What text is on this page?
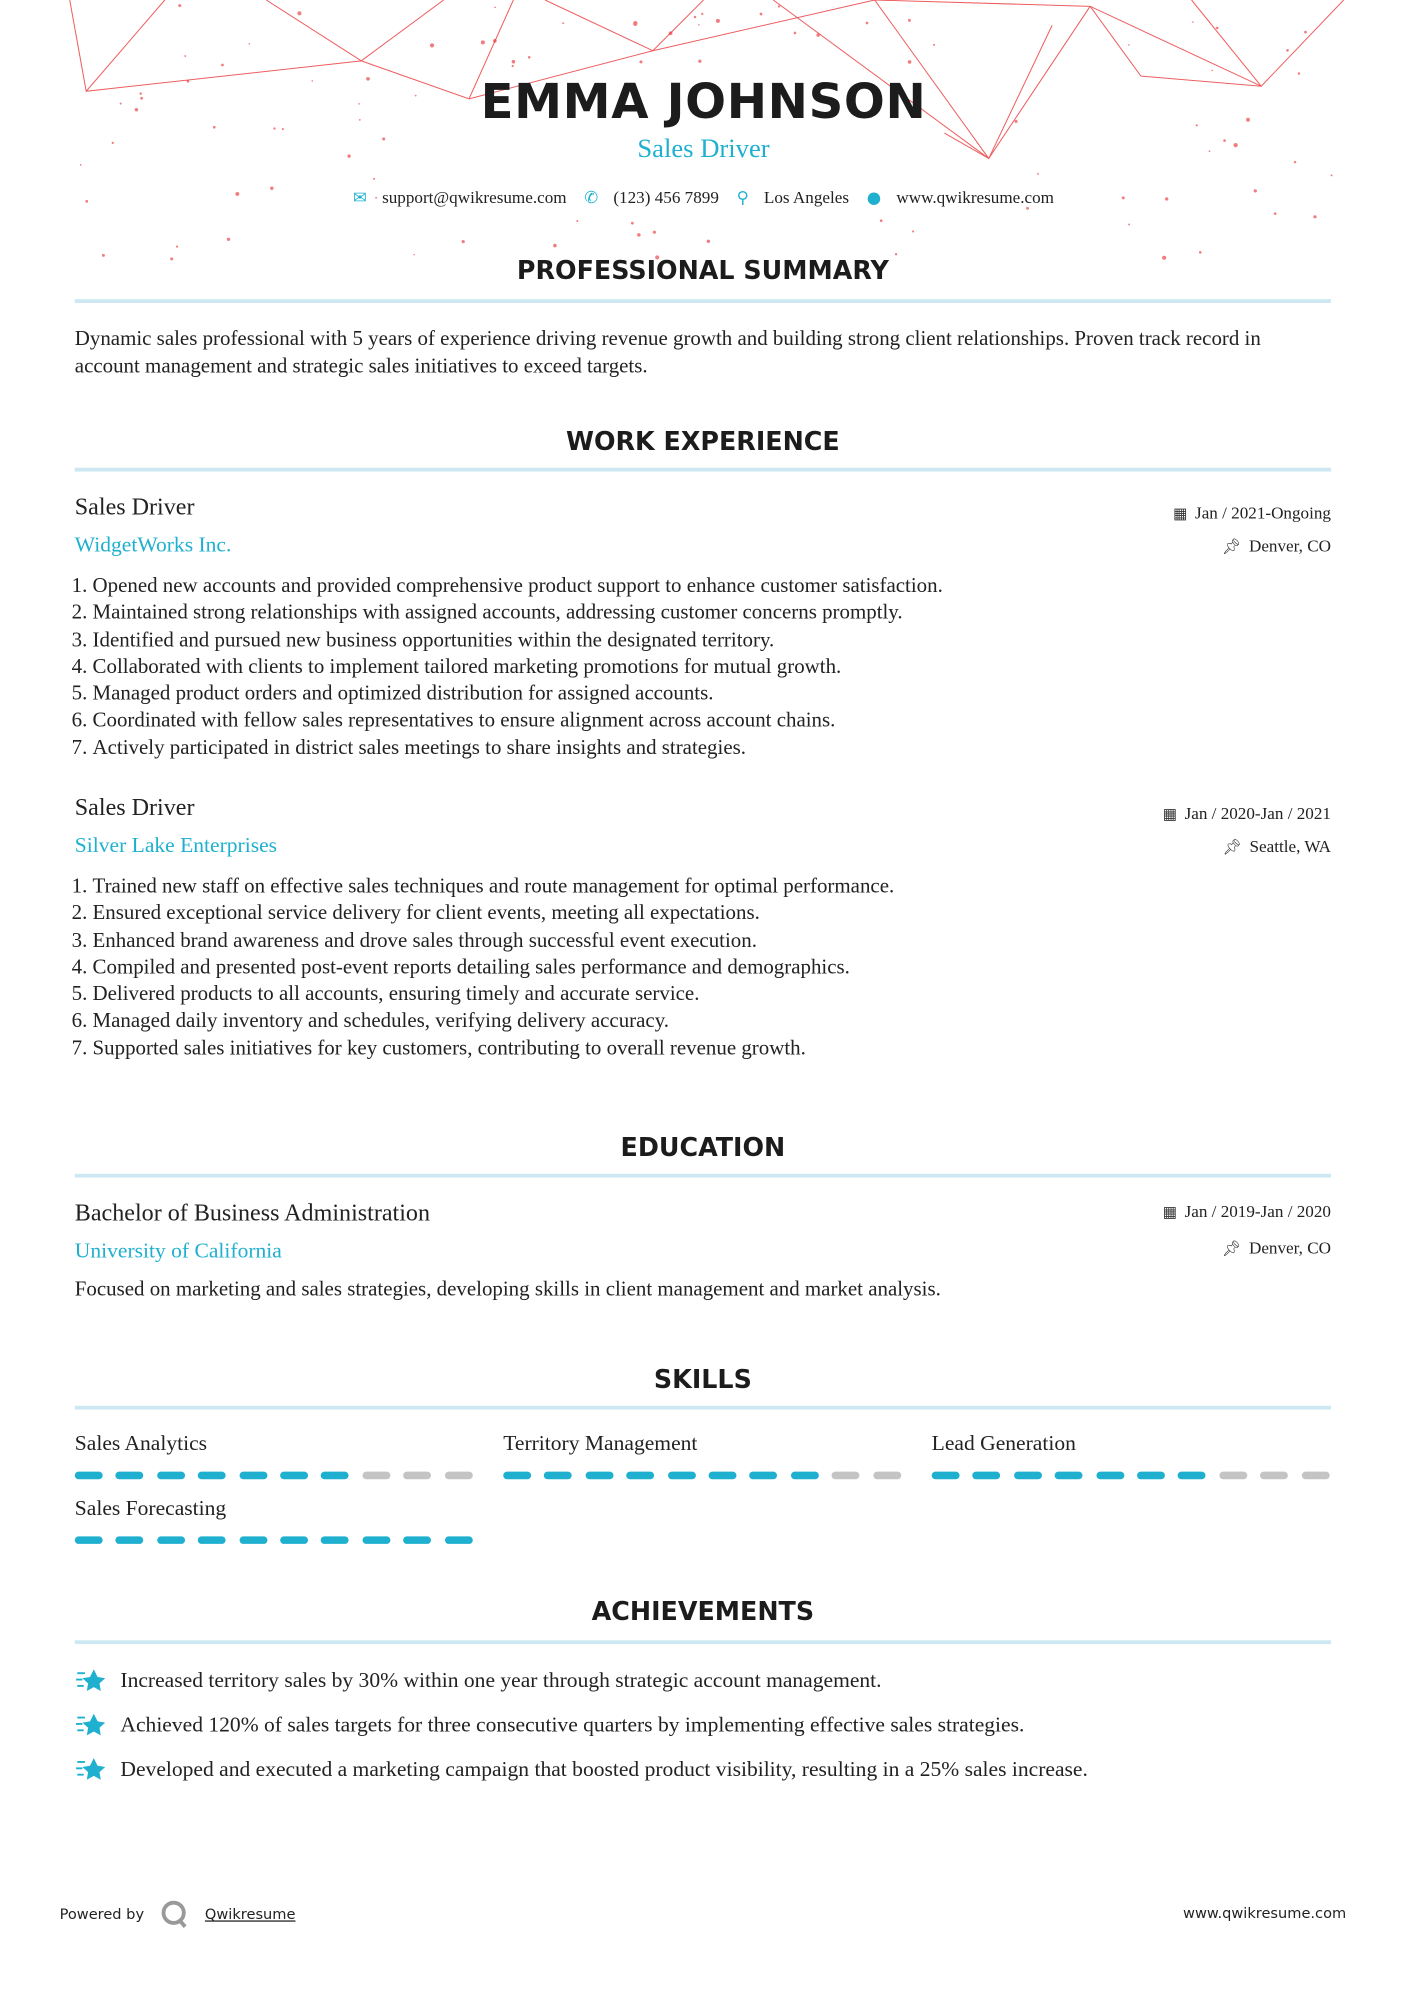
EMMA JOHNSON
Sales Driver
✉ support@qwikresume.com ✆ (123) 456 7899 ⚲ Los Angeles ● www.qwikresume.com
PROFESSIONAL SUMMARY
Dynamic sales professional with 5 years of experience driving revenue growth and building strong client relationships. Proven track record in account management and strategic sales initiatives to exceed targets.
WORK EXPERIENCE
Sales Driver
WidgetWorks Inc.
▦ Jan / 2021-Ongoing
📌︎ Denver, CO
1. Opened new accounts and provided comprehensive product support to enhance customer satisfaction.
2. Maintained strong relationships with assigned accounts, addressing customer concerns promptly.
3. Identified and pursued new business opportunities within the designated territory.
4. Collaborated with clients to implement tailored marketing promotions for mutual growth.
5. Managed product orders and optimized distribution for assigned accounts.
6. Coordinated with fellow sales representatives to ensure alignment across account chains.
7. Actively participated in district sales meetings to share insights and strategies.
Sales Driver
Silver Lake Enterprises
▦ Jan / 2020-Jan / 2021
📌︎ Seattle, WA
1. Trained new staff on effective sales techniques and route management for optimal performance.
2. Ensured exceptional service delivery for client events, meeting all expectations.
3. Enhanced brand awareness and drove sales through successful event execution.
4. Compiled and presented post-event reports detailing sales performance and demographics.
5. Delivered products to all accounts, ensuring timely and accurate service.
6. Managed daily inventory and schedules, verifying delivery accuracy.
7. Supported sales initiatives for key customers, contributing to overall revenue growth.
EDUCATION
Bachelor of Business Administration
University of California
▦ Jan / 2019-Jan / 2020
📌︎ Denver, CO
Focused on marketing and sales strategies, developing skills in client management and market analysis.
SKILLS
Sales Analytics	Territory Management	Lead Generation
Sales Forecasting
ACHIEVEMENTS
Increased territory sales by 30% within one year through strategic account management.
Achieved 120% of sales targets for three consecutive quarters by implementing effective sales strategies.
Developed and executed a marketing campaign that boosted product visibility, resulting in a 25% sales increase.
Powered by	Qwikresume	www.qwikresume.com
